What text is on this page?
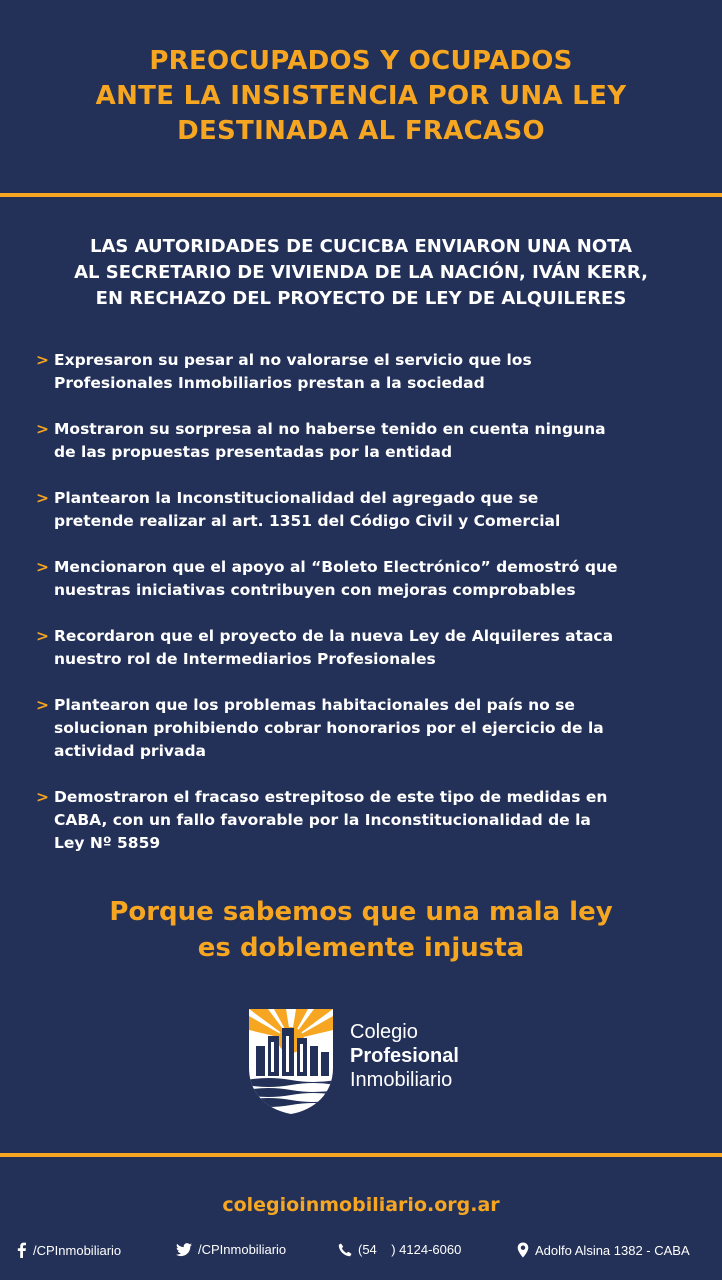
PREOCUPADOS Y OCUPADOS
ANTE LA INSISTENCIA POR UNA LEY
DESTINADA AL FRACASO
LAS AUTORIDADES DE CUCICBA ENVIARON UNA NOTA
AL SECRETARIO DE VIVIENDA DE LA NACIÓN, IVÁN KERR,
EN RECHAZO DEL PROYECTO DE LEY DE ALQUILERES
> Expresaron su pesar al no valorarse el servicio que los
Profesionales Inmobiliarios prestan a la sociedad
> Mostraron su sorpresa al no haberse tenido en cuenta ninguna
de las propuestas presentadas por la entidad
> Plantearon la Inconstitucionalidad del agregado que se
pretende realizar al art. 1351 del Código Civil y Comercial
> Mencionaron que el apoyo al “Boleto Electrónico” demostró que
nuestras iniciativas contribuyen con mejoras comprobables
> Recordaron que el proyecto de la nueva Ley de Alquileres ataca
nuestro rol de Intermediarios Profesionales
> Plantearon que los problemas habitacionales del país no se
solucionan prohibiendo cobrar honorarios por el ejercicio de la
actividad privada
> Demostraron el fracaso estrepitoso de este tipo de medidas en
CABA, con un fallo favorable por la Inconstitucionalidad de la
Ley Nº 5859
Porque sabemos que una mala ley
es doblemente injusta
Colegio
Profesional
Inmobiliario
colegioinmobiliario.org.ar
/CPInmobiliario	/CPInmobiliario	(54    ) 4124-6060	Adolfo Alsina 1382 - CABA
